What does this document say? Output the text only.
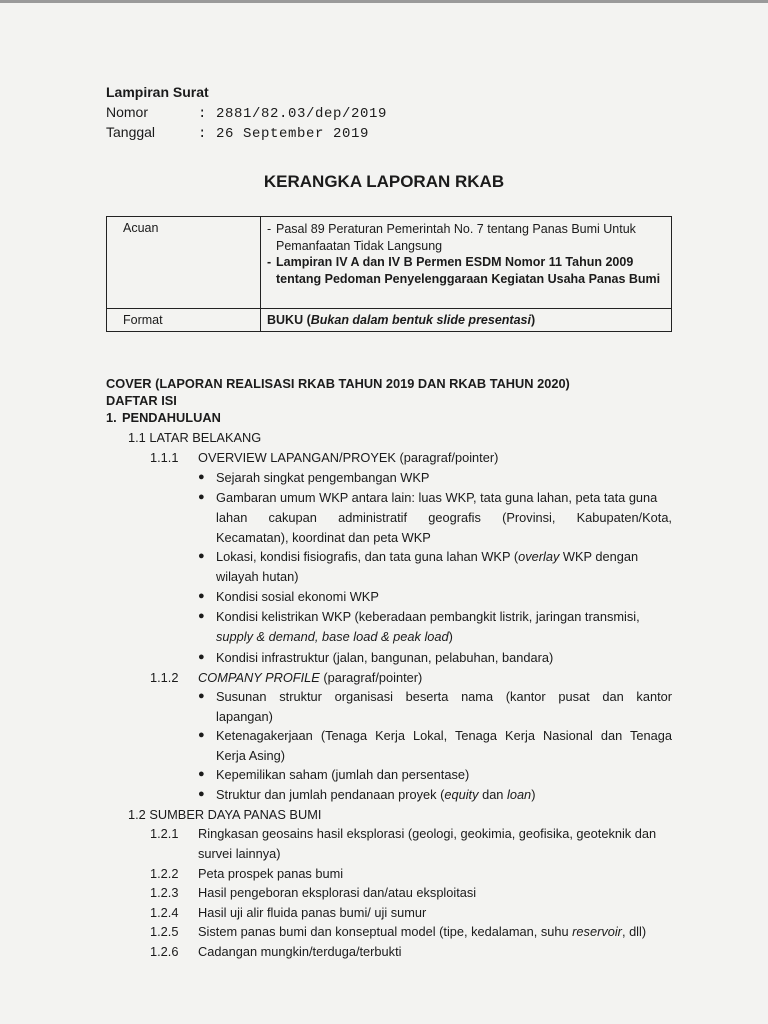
Lampiran Surat
Nomor	: 2881/82.03/dep/2019
Tanggal	: 26 September 2019
KERANGKA LAPORAN RKAB
Acuan	- Pasal 89 Peraturan Pemerintah No. 7 tentang Panas Bumi Untuk Pemanfaatan Tidak Langsung
- Lampiran IV A dan IV B Permen ESDM Nomor 11 Tahun 2009 tentang Pedoman Penyelenggaraan Kegiatan Usaha Panas Bumi

Format	BUKU (Bukan dalam bentuk slide presentasi)
COVER (LAPORAN REALISASI RKAB TAHUN 2019 DAN RKAB TAHUN 2020)
DAFTAR ISI
1. PENDAHULUAN
1.1 LATAR BELAKANG
1.1.1 OVERVIEW LAPANGAN/PROYEK (paragraf/pointer)
● Sejarah singkat pengembangan WKP
● Gambaran umum WKP antara lain: luas WKP, tata guna lahan, peta tata guna
lahan cakupan administratif geografis (Provinsi, Kabupaten/Kota,
Kecamatan), koordinat dan peta WKP
● Lokasi, kondisi fisiografis, dan tata guna lahan WKP (overlay WKP dengan
wilayah hutan)
● Kondisi sosial ekonomi WKP
● Kondisi kelistrikan WKP (keberadaan pembangkit listrik, jaringan transmisi,
supply & demand, base load & peak load)
● Kondisi infrastruktur (jalan, bangunan, pelabuhan, bandara)
1.1.2 COMPANY PROFILE (paragraf/pointer)
● Susunan struktur organisasi beserta nama (kantor pusat dan kantor
lapangan)
● Ketenagakerjaan (Tenaga Kerja Lokal, Tenaga Kerja Nasional dan Tenaga
Kerja Asing)
● Kepemilikan saham (jumlah dan persentase)
● Struktur dan jumlah pendanaan proyek (equity dan loan)
1.2 SUMBER DAYA PANAS BUMI
1.2.1 Ringkasan geosains hasil eksplorasi (geologi, geokimia, geofisika, geoteknik dan
survei lainnya)
1.2.2 Peta prospek panas bumi
1.2.3 Hasil pengeboran eksplorasi dan/atau eksploitasi
1.2.4 Hasil uji alir fluida panas bumi/ uji sumur
1.2.5 Sistem panas bumi dan konseptual model (tipe, kedalaman, suhu reservoir, dll)
1.2.6 Cadangan mungkin/terduga/terbukti
